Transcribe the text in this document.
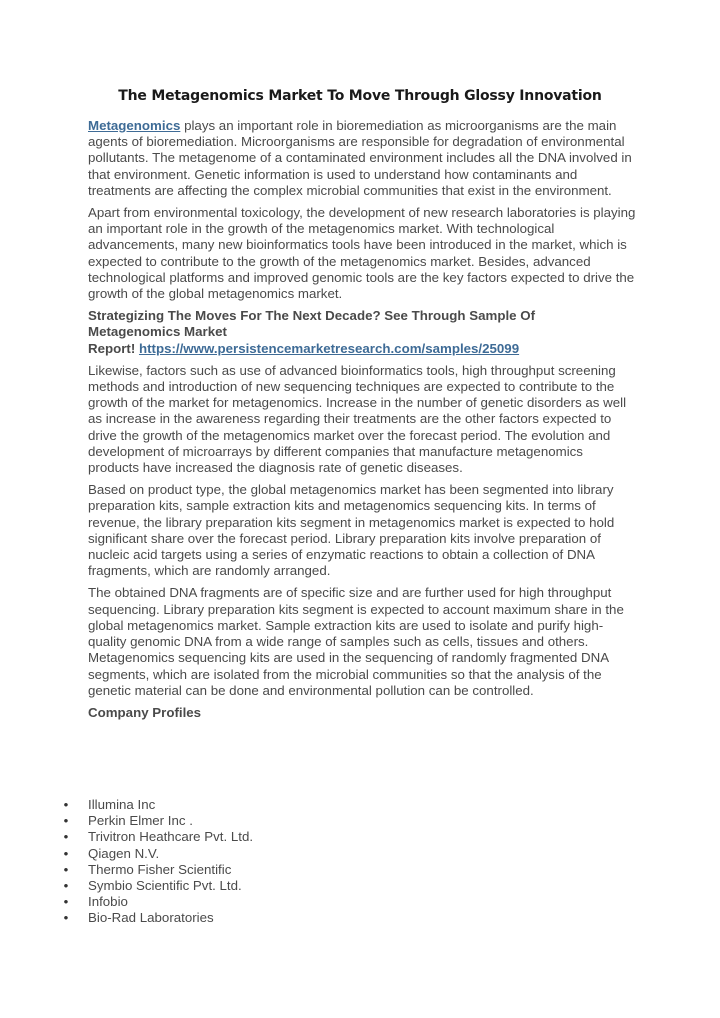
The Metagenomics Market To Move Through Glossy Innovation

Metagenomics plays an important role in bioremediation as microorganisms are the main agents of bioremediation. Microorganisms are responsible for degradation of environmental pollutants. The metagenome of a contaminated environment includes all the DNA involved in that environment. Genetic information is used to understand how contaminants and treatments are affecting the complex microbial communities that exist in the environment.

Apart from environmental toxicology, the development of new research laboratories is playing an important role in the growth of the metagenomics market. With technological advancements, many new bioinformatics tools have been introduced in the market, which is expected to contribute to the growth of the metagenomics market. Besides, advanced technological platforms and improved genomic tools are the key factors expected to drive the growth of the global metagenomics market.

Strategizing The Moves For The Next Decade? See Through Sample Of
Metagenomics Market
Report! https://www.persistencemarketresearch.com/samples/25099

Likewise, factors such as use of advanced bioinformatics tools, high throughput screening methods and introduction of new sequencing techniques are expected to contribute to the growth of the market for metagenomics. Increase in the number of genetic disorders as well as increase in the awareness regarding their treatments are the other factors expected to drive the growth of the metagenomics market over the forecast period. The evolution and development of microarrays by different companies that manufacture metagenomics products have increased the diagnosis rate of genetic diseases.

Based on product type, the global metagenomics market has been segmented into library preparation kits, sample extraction kits and metagenomics sequencing kits. In terms of revenue, the library preparation kits segment in metagenomics market is expected to hold significant share over the forecast period. Library preparation kits involve preparation of nucleic acid targets using a series of enzymatic reactions to obtain a collection of DNA fragments, which are randomly arranged.

The obtained DNA fragments are of specific size and are further used for high throughput sequencing. Library preparation kits segment is expected to account maximum share in the global metagenomics market. Sample extraction kits are used to isolate and purify high-quality genomic DNA from a wide range of samples such as cells, tissues and others. Metagenomics sequencing kits are used in the sequencing of randomly fragmented DNA segments, which are isolated from the microbial communities so that the analysis of the genetic material can be done and environmental pollution can be controlled.

Company Profiles

• Illumina Inc
• Perkin Elmer Inc .
• Trivitron Heathcare Pvt. Ltd.
• Qiagen N.V.
• Thermo Fisher Scientific
• Symbio Scientific Pvt. Ltd.
• Infobio
• Bio-Rad Laboratories
